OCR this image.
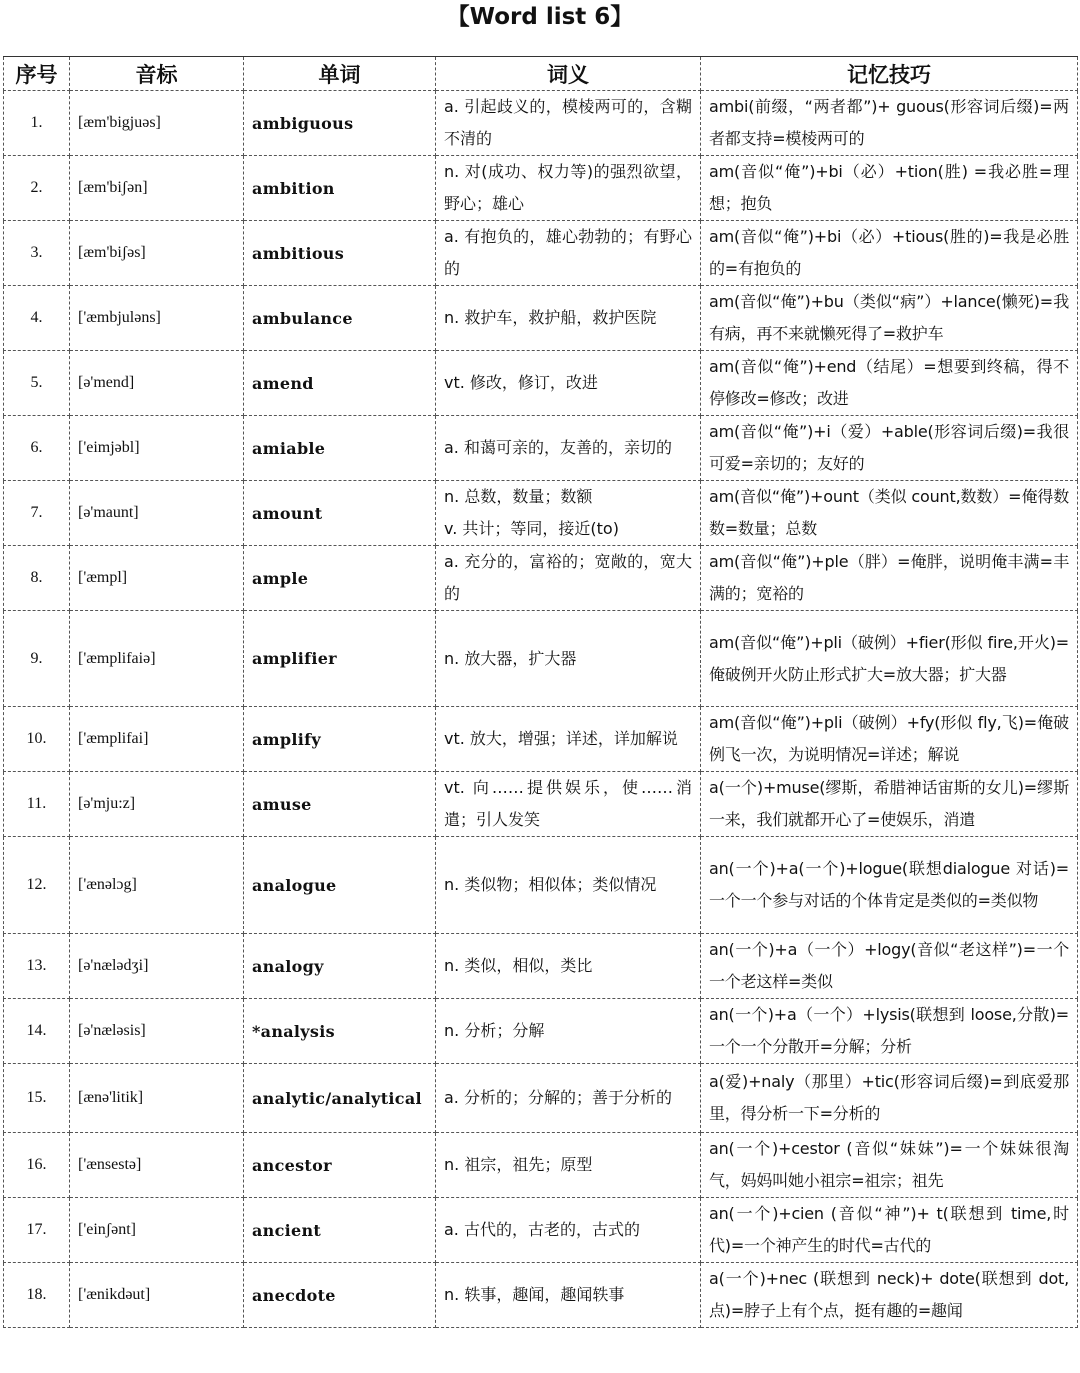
【Word list 6】
序号	音标	单词	词义	记忆技巧

1.	[æm'bigjuəs]	ambiguous	a. 引起歧义的，模棱两可的，含糊不清的	ambi(前缀，“两者都”)+ guous(形容词后缀)=两者都支持=模棱两可的

2.	[æm'biʃən]	ambition	n. 对(成功、权力等)的强烈欲望，野心；雄心	am(音似“俺”)+bi（必）+tion(胜) =我必胜=理想；抱负

3.	[æm'biʃəs]	ambitious	a. 有抱负的，雄心勃勃的；有野心的	am(音似“俺”)+bi（必）+tious(胜的)=我是必胜的=有抱负的

4.	['æmbjuləns]	ambulance	n. 救护车，救护船，救护医院	am(音似“俺”)+bu（类似“病”）+lance(懒死)=我有病，再不来就懒死得了=救护车

5.	[ə'mend]	amend	vt. 修改，修订，改进	am(音似“俺”)+end（结尾）=想要到终稿，得不停修改=修改；改进

6.	['eimjəbl]	amiable	a. 和蔼可亲的，友善的，亲切的	am(音似“俺”)+i（爱）+able(形容词后缀)=我很可爱=亲切的；友好的

7.	[ə'maunt]	amount	n. 总数，数量；数额
v. 共计；等同，接近(to)	am(音似“俺”)+ount（类似 count,数数）=俺得数数=数量；总数

8.	['æmpl]	ample	a. 充分的，富裕的；宽敞的，宽大的	am(音似“俺”)+ple（胖）=俺胖，说明俺丰满=丰满的；宽裕的

9.	['æmplifaiə]	amplifier	n. 放大器，扩大器	am(音似“俺”)+pli（破例）+fier(形似 fire,开火)=俺破例开火防止形式扩大=放大器；扩大器

10.	['æmplifai]	amplify	vt. 放大，增强；详述，详加解说	am(音似“俺”)+pli（破例）+fy(形似 fly,飞)=俺破例飞一次，为说明情况=详述；解说

11.	[ə'mju:z]	amuse	vt. 向……提供娱乐，使……消遣；引人发笑	a(一个)+muse(缪斯，希腊神话宙斯的女儿)=缪斯一来，我们就都开心了=使娱乐，消遣

12.	['ænəlɔg]	analogue	n. 类似物；相似体；类似情况	an(一个)+a(一个)+logue(联想dialogue 对话)=一个一个参与对话的个体肯定是类似的=类似物

13.	[ə'nælədʒi]	analogy	n. 类似，相似，类比	an(一个)+a（一个）+logy(音似“老这样”)=一个一个老这样=类似

14.	[ə'næləsis]	*analysis	n. 分析；分解	an(一个)+a（一个）+lysis(联想到 loose,分散)=一个一个分散开=分解；分析

15.	[ænə'litik]	analytic/analytical	a. 分析的；分解的；善于分析的	a(爱)+naly（那里）+tic(形容词后缀)=到底爱那里，得分析一下=分析的

16.	['ænsestə]	ancestor	n. 祖宗，祖先；原型	an(一个)+cestor (音似“妹妹”)=一个妹妹很淘气，妈妈叫她小祖宗=祖宗；祖先

17.	['einʃənt]	ancient	a. 古代的，古老的，古式的	an(一个)+cien (音似“神”)+ t(联想到 time,时代)=一个神产生的时代=古代的

18.	['ænikdəut]	anecdote	n. 轶事，趣闻，趣闻轶事	a(一个)+nec (联想到 neck)+ dote(联想到 dot,点)=脖子上有个点，挺有趣的=趣闻
